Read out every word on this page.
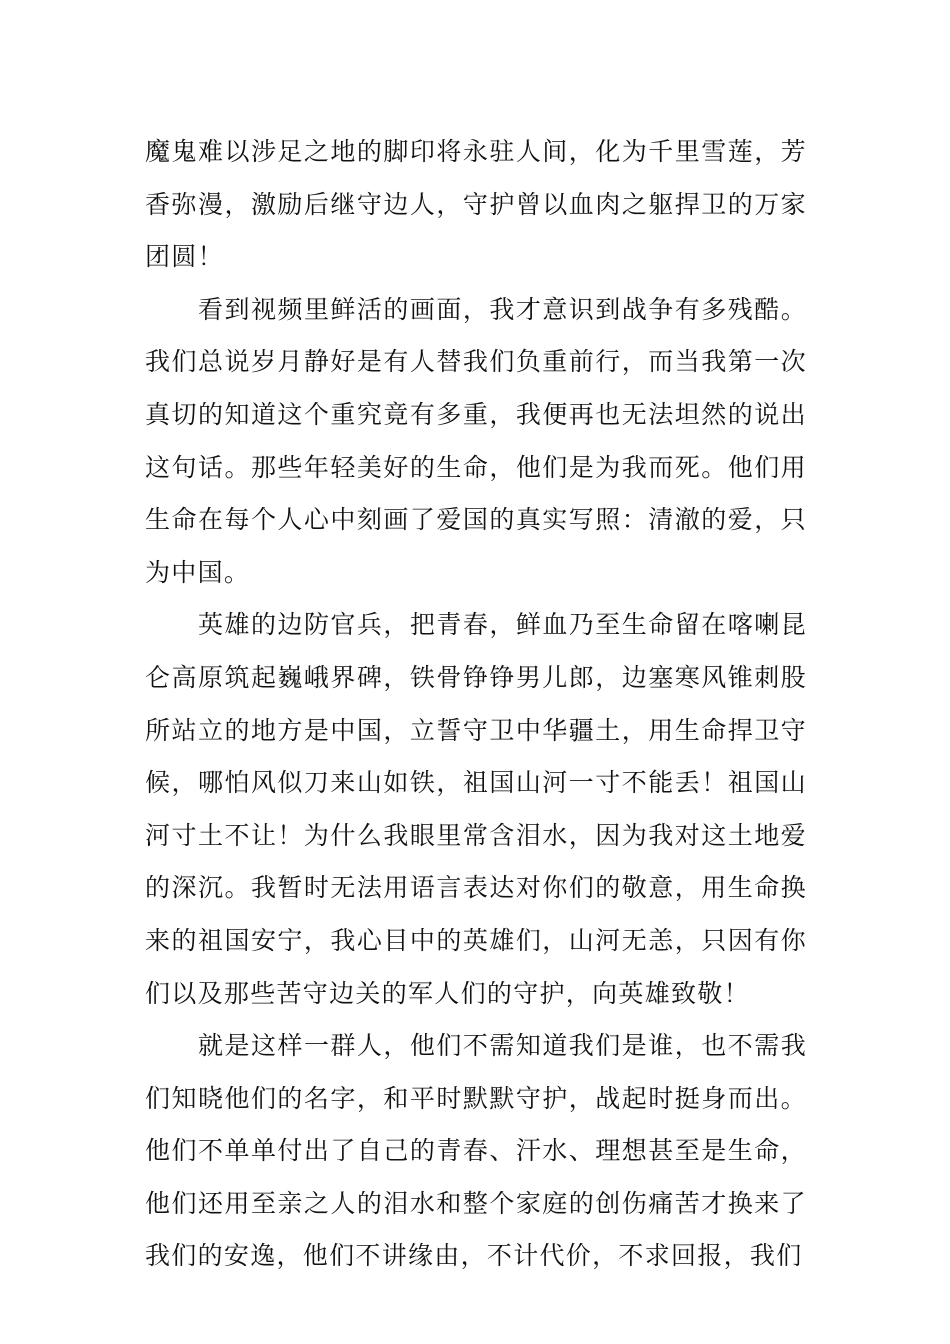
魔鬼难以涉足之地的脚印将永驻人间，化为千里雪莲，芳香弥漫，激励后继守边人，守护曾以血肉之躯捍卫的万家团圆！

看到视频里鲜活的画面，我才意识到战争有多残酷。我们总说岁月静好是有人替我们负重前行，而当我第一次真切的知道这个重究竟有多重，我便再也无法坦然的说出这句话。那些年轻美好的生命，他们是为我而死。他们用生命在每个人心中刻画了爱国的真实写照：清澈的爱，只为中国。

英雄的边防官兵，把青春，鲜血乃至生命留在喀喇昆仑高原筑起巍峨界碑，铁骨铮铮男儿郎，边塞寒风锥刺股所站立的地方是中国，立誓守卫中华疆土，用生命捍卫守候，哪怕风似刀来山如铁，祖国山河一寸不能丢！祖国山河寸土不让！为什么我眼里常含泪水，因为我对这土地爱的深沉。我暂时无法用语言表达对你们的敬意，用生命换来的祖国安宁，我心目中的英雄们，山河无恙，只因有你们以及那些苦守边关的军人们的守护，向英雄致敬！

就是这样一群人，他们不需知道我们是谁，也不需我们知晓他们的名字，和平时默默守护，战起时挺身而出。他们不单单付出了自己的青春、汗水、理想甚至是生命，他们还用至亲之人的泪水和整个家庭的创伤痛苦才换来了我们的安逸，他们不讲缘由，不计代价，不求回报，我们
